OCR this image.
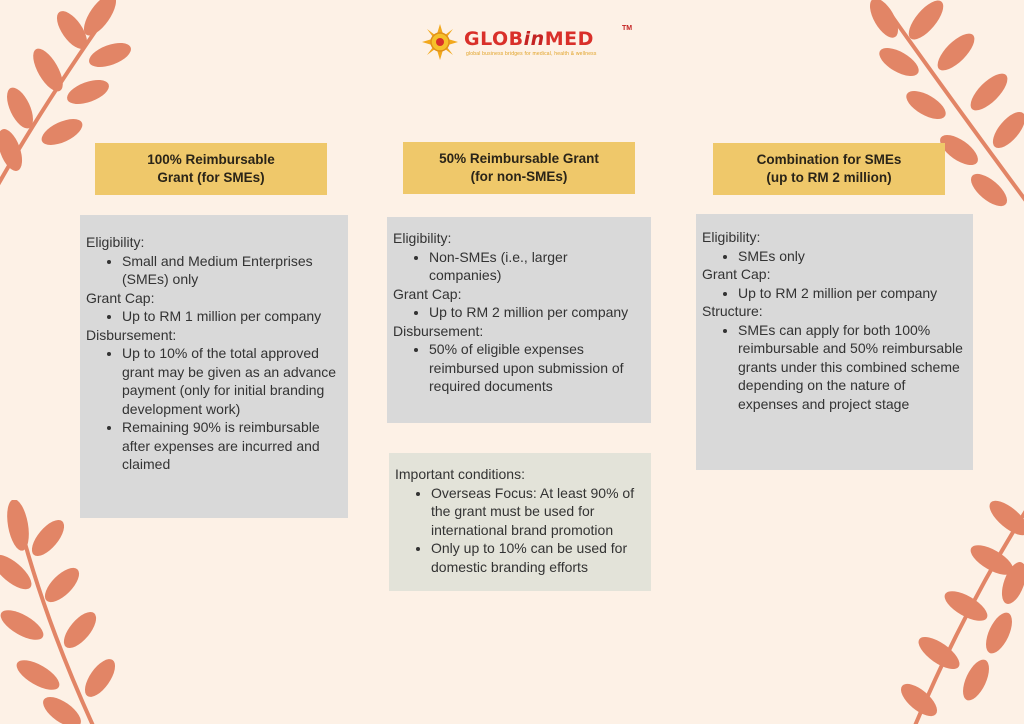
GLOBinMED	TM
global business bridges for medical, health & wellness
100% Reimbursable
Grant (for SMEs)

Eligibility:

• Small and Medium Enterprises (SMEs) only

Grant Cap:

• Up to RM 1 million per company

Disbursement:

• Up to 10% of the total approved grant may be given as an advance payment (only for initial branding development work)
• Remaining 90% is reimbursable after expenses are incurred and claimed
50% Reimbursable Grant
(for non-SMEs)

Eligibility:

• Non-SMEs (i.e., larger companies)

Grant Cap:

• Up to RM 2 million per company

Disbursement:

• 50% of eligible expenses reimbursed upon submission of required documents

Important conditions:

• Overseas Focus: At least 90% of the grant must be used for international brand promotion
• Only up to 10% can be used for domestic branding efforts
Combination for SMEs
(up to RM 2 million)

Eligibility:

• SMEs only

Grant Cap:

• Up to RM 2 million per company

Structure:

• SMEs can apply for both 100% reimbursable and 50% reimbursable grants under this combined scheme depending on the nature of expenses and project stage
